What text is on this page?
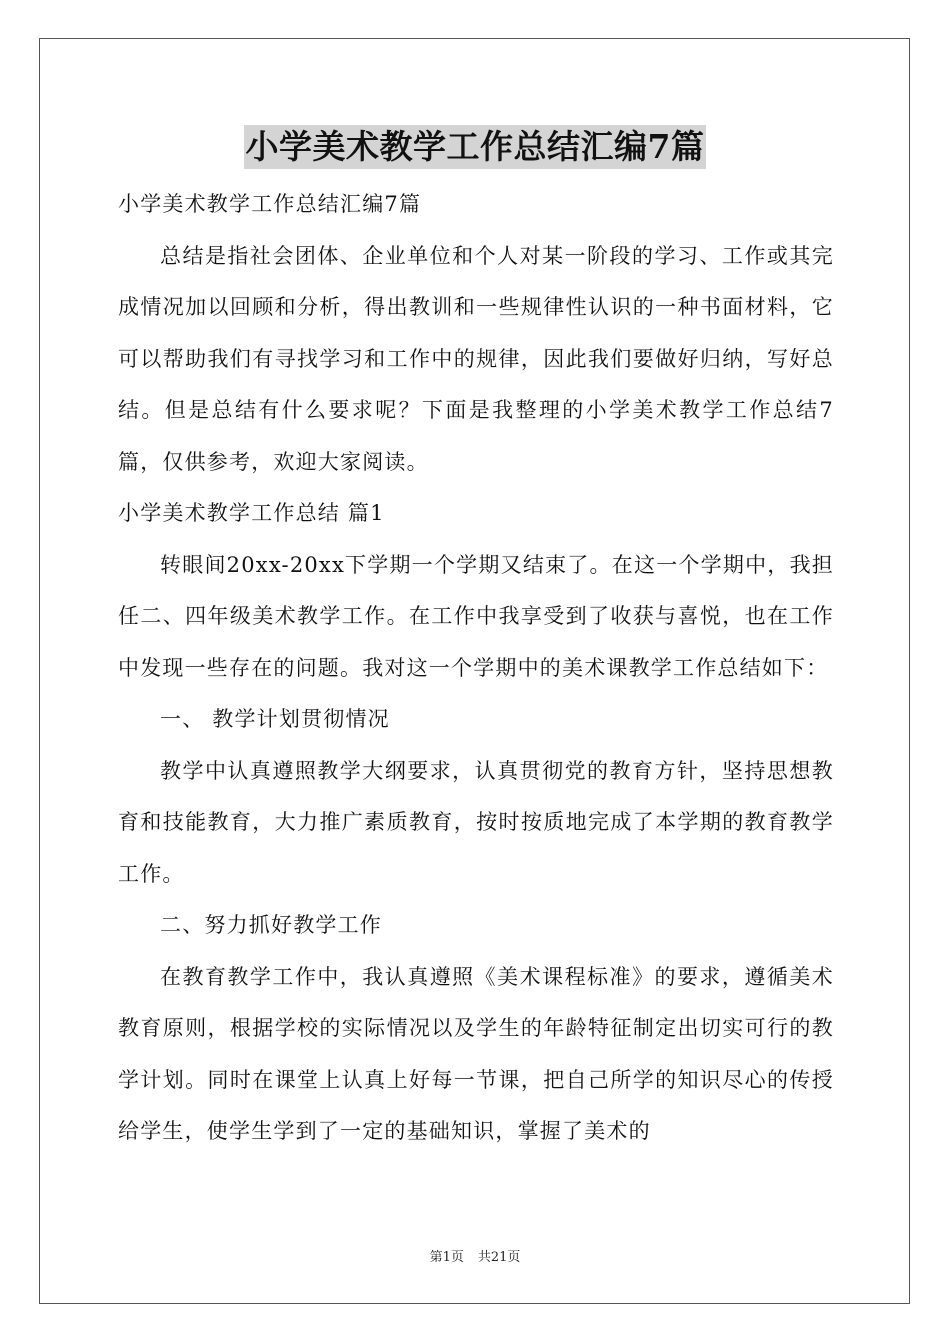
小学美术教学工作总结汇编7篇

小学美术教学工作总结汇编7篇

总结是指社会团体、企业单位和个人对某一阶段的学习、工作或其完成情况加以回顾和分析，得出教训和一些规律性认识的一种书面材料，它可以帮助我们有寻找学习和工作中的规律，因此我们要做好归纳，写好总结。但是总结有什么要求呢？下面是我整理的小学美术教学工作总结7篇，仅供参考，欢迎大家阅读。

小学美术教学工作总结 篇1

转眼间20xx-20xx下学期一个学期又结束了。在这一个学期中，我担任二、四年级美术教学工作。在工作中我享受到了收获与喜悦，也在工作中发现一些存在的问题。我对这一个学期中的美术课教学工作总结如下：

一、 教学计划贯彻情况

教学中认真遵照教学大纲要求，认真贯彻党的教育方针，坚持思想教育和技能教育，大力推广素质教育，按时按质地完成了本学期的教育教学工作。

二、努力抓好教学工作

在教育教学工作中，我认真遵照《美术课程标准》的要求，遵循美术教育原则，根据学校的实际情况以及学生的年龄特征制定出切实可行的教学计划。同时在课堂上认真上好每一节课，把自己所学的知识尽心的传授给学生，使学生学到了一定的基础知识，掌握了美术的

第1页 共21页
